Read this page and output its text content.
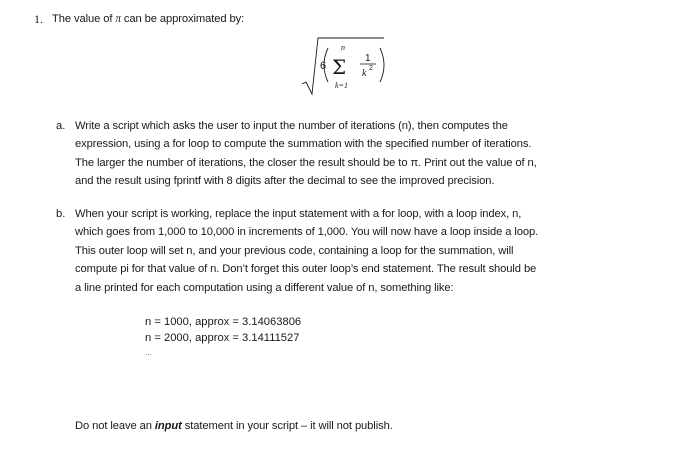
1. The value of π can be approximated by:
6 Σ
n
k=1
1
k 2
a. Write a script which asks the user to input the number of iterations (n), then computes the
expression, using a for loop to compute the summation with the specified number of iterations.
The larger the number of iterations, the closer the result should be to π. Print out the value of n,
and the result using fprintf with 8 digits after the decimal to see the improved precision.
b. When your script is working, replace the input statement with a for loop, with a loop index, n,
which goes from 1,000 to 10,000 in increments of 1,000. You will now have a loop inside a loop.
This outer loop will set n, and your previous code, containing a loop for the summation, will
compute pi for that value of n. Don’t forget this outer loop’s end statement. The result should be
a line printed for each computation using a different value of n, something like:
n = 1000, approx = 3.14063806
n = 2000, approx = 3.14111527
...
Do not leave an input statement in your script – it will not publish.
